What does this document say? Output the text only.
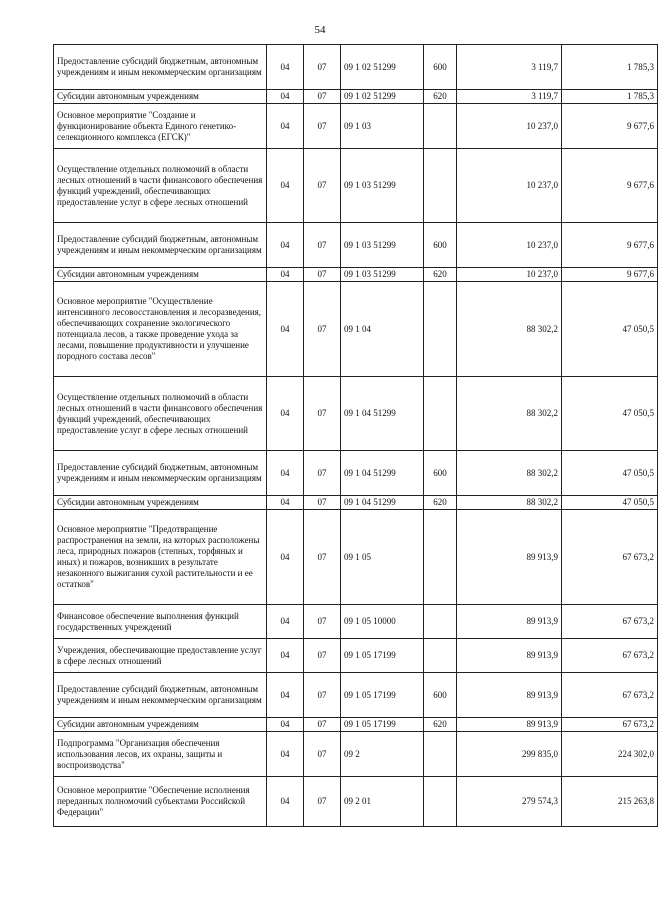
54
Предоставление субсидий бюджетным, автономным учреждениям и иным некоммерческим организациям	04	07	09 1 02 51299	600	3 119,7	1 785,3
Субсидии автономным учреждениям	04	07	09 1 02 51299	620	3 119,7	1 785,3
Основное мероприятие "Создание и функционирование объекта Единого генетико-селекционного комплекса (ЕГСК)"	04	07	09 1 03		10 237,0	9 677,6
Осуществление отдельных полномочий в области лесных отношений в части финансового обеспечения функций учреждений, обеспечивающих предоставление услуг в сфере лесных отношений	04	07	09 1 03 51299		10 237,0	9 677,6
Предоставление субсидий бюджетным, автономным учреждениям и иным некоммерческим организациям	04	07	09 1 03 51299	600	10 237,0	9 677,6
Субсидии автономным учреждениям	04	07	09 1 03 51299	620	10 237,0	9 677,6
Основное мероприятие "Осуществление интенсивного лесовосстановления и лесоразведения, обеспечивающих сохранение экологического потенциала лесов, а также проведение ухода за лесами, повышение продуктивности и улучшение породного состава лесов"	04	07	09 1 04		88 302,2	47 050,5
Осуществление отдельных полномочий в области лесных отношений в части финансового обеспечения функций учреждений, обеспечивающих предоставление услуг в сфере лесных отношений	04	07	09 1 04 51299		88 302,2	47 050,5
Предоставление субсидий бюджетным, автономным учреждениям и иным некоммерческим организациям	04	07	09 1 04 51299	600	88 302,2	47 050,5
Субсидии автономным учреждениям	04	07	09 1 04 51299	620	88 302,2	47 050,5
Основное мероприятие "Предотвращение распространения на земли, на которых расположены леса, природных пожаров (степных, торфяных и иных) и пожаров, возникших в результате незаконного выжигания сухой растительности и ее остатков"	04	07	09 1 05		89 913,9	67 673,2
Финансовое обеспечение выполнения функций государственных учреждений	04	07	09 1 05 10000		89 913,9	67 673,2
Учреждения, обеспечивающие предоставление услуг в сфере лесных отношений	04	07	09 1 05 17199		89 913,9	67 673,2
Предоставление субсидий бюджетным, автономным учреждениям и иным некоммерческим организациям	04	07	09 1 05 17199	600	89 913,9	67 673,2
Субсидии автономным учреждениям	04	07	09 1 05 17199	620	89 913,9	67 673,2
Подпрограмма "Организация обеспечения использования лесов, их охраны, защиты и воспроизводства"	04	07	09 2		299 835,0	224 302,0
Основное мероприятие "Обеспечение исполнения переданных полномочий субъектами Российской Федерации"	04	07	09 2 01		279 574,3	215 263,8
